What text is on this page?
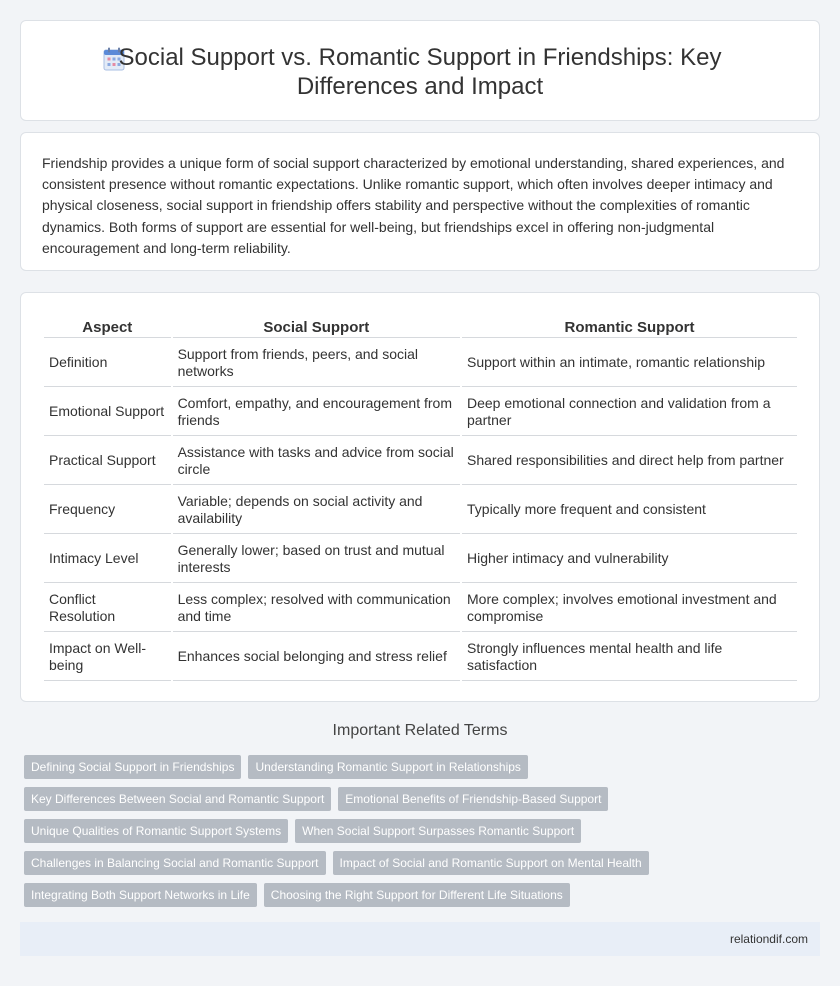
Social Support vs. Romantic Support in Friendships: Key Differences and Impact

Friendship provides a unique form of social support characterized by emotional understanding, shared experiences, and consistent presence without romantic expectations. Unlike romantic support, which often involves deeper intimacy and physical closeness, social support in friendship offers stability and perspective without the complexities of romantic dynamics. Both forms of support are essential for well-being, but friendships excel in offering non-judgmental encouragement and long-term reliability.

Aspect	Social Support	Romantic Support
Definition	Support from friends, peers, and social networks	Support within an intimate, romantic relationship
Emotional Support	Comfort, empathy, and encouragement from friends	Deep emotional connection and validation from a partner
Practical Support	Assistance with tasks and advice from social circle	Shared responsibilities and direct help from partner
Frequency	Variable; depends on social activity and availability	Typically more frequent and consistent
Intimacy Level	Generally lower; based on trust and mutual interests	Higher intimacy and vulnerability
Conflict Resolution	Less complex; resolved with communication and time	More complex; involves emotional investment and compromise
Impact on Well-being	Enhances social belonging and stress relief	Strongly influences mental health and life satisfaction
Important Related Terms
Defining Social Support in Friendships	Understanding Romantic Support in Relationships
Key Differences Between Social and Romantic Support	Emotional Benefits of Friendship-Based Support
Unique Qualities of Romantic Support Systems	When Social Support Surpasses Romantic Support
Challenges in Balancing Social and Romantic Support	Impact of Social and Romantic Support on Mental Health
Integrating Both Support Networks in Life	Choosing the Right Support for Different Life Situations
relationdif.com
